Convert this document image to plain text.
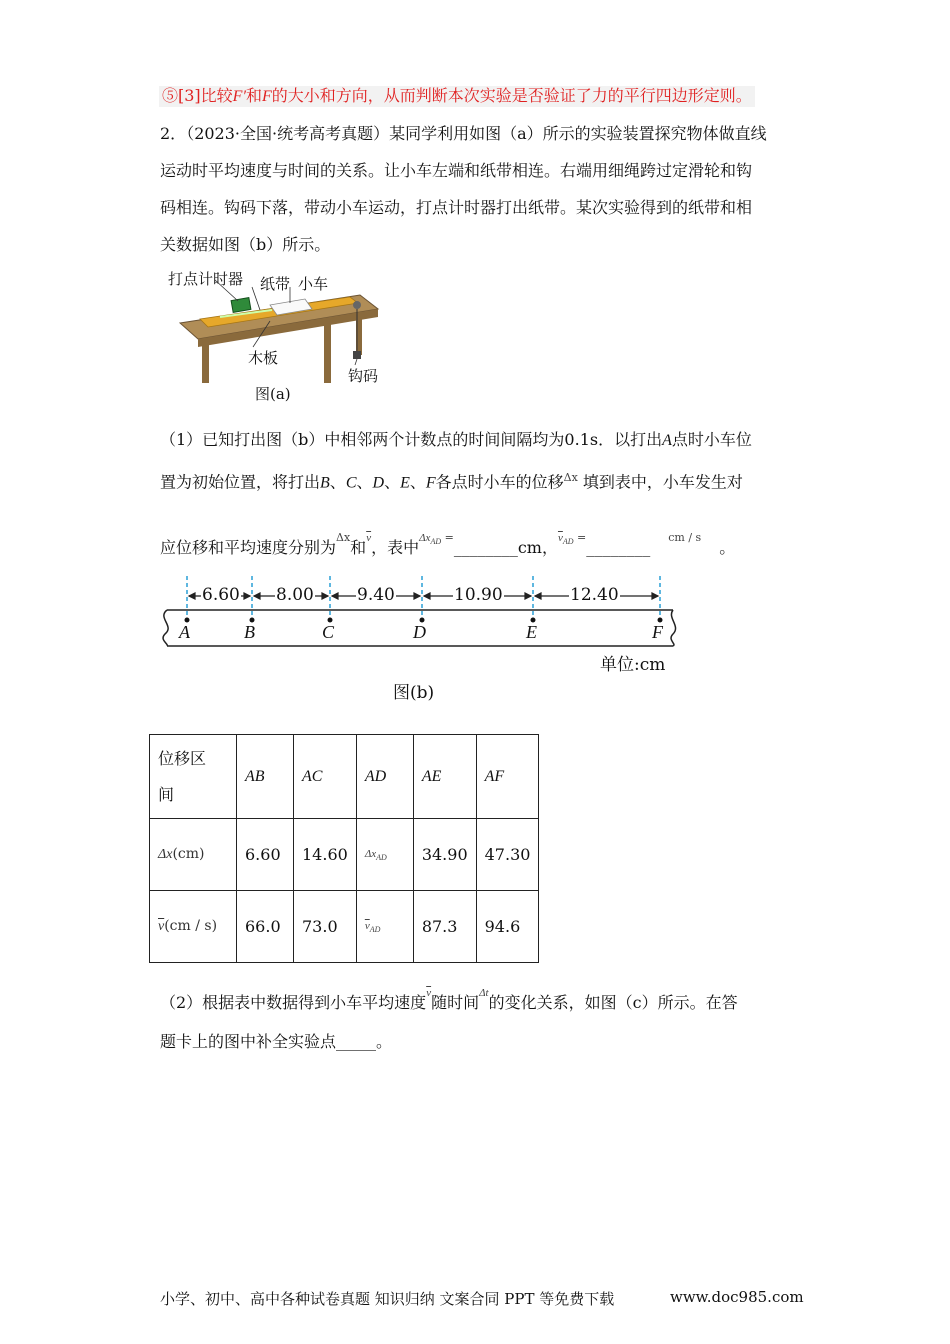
⑤[3]比较F′和F的大小和方向，从而判断本次实验是否验证了力的平行四边形定则。
2．（2023·全国·统考高考真题）某同学利用如图（a）所示的实验装置探究物体做直线
运动时平均速度与时间的关系。让小车左端和纸带相连。右端用细绳跨过定滑轮和钩
码相连。钩码下落，带动小车运动，打点计时器打出纸带。某次实验得到的纸带和相
关数据如图（b）所示。
打点计时器 纸带 小车
木板
钩码
图(a)
（1）已知打出图（b）中相邻两个计数点的时间间隔均为0.1s．以打出A点时小车位
置为初始位置，将打出B、C、D、E、F各点时小车的位移$^{\Delta x}$ 填到表中，小车发生对
应位移和平均速度分别为$^{\Delta x}$和$^{\overline{v}}$，表中$^{\Delta x_{AD} =}$________cm，$^{\overline{v}_{AD} =}$________$^{cm / s}$。
6.60 8.00	9.40	10.90	12.40
A	B	C	D	E	F
单位:cm
图(b)
位移区
间	AB	AC	AD	AE	AF
Δx(cm)	6.60	14.60	$\Delta x_{AD}$	34.90	47.30
$\overline{v}(cm / s)$	66.0	73.0	$\overline{v}_{AD}$	87.3	94.6
（2）根据表中数据得到小车平均速度$^{\overline{v}}$随时间$^{\Delta t}$的变化关系，如图（c）所示。在答
题卡上的图中补全实验点_____。
小学、初中、高中各种试卷真题 知识归纳 文案合同 PPT 等免费下载	www.doc985.com
